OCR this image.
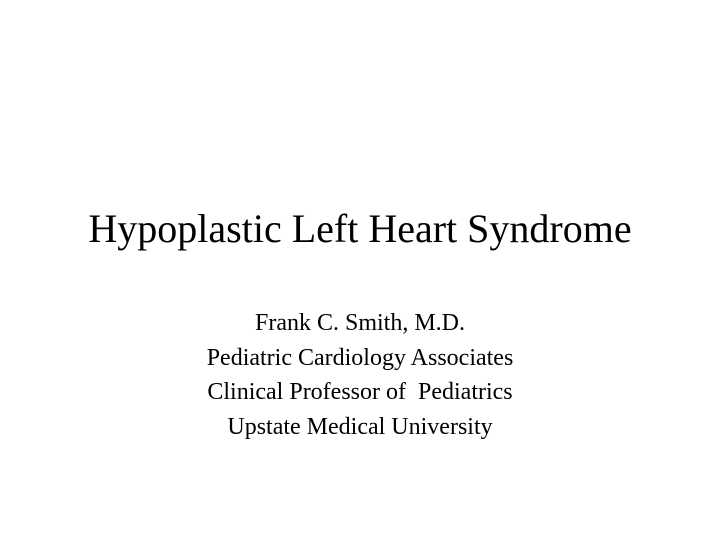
Hypoplastic Left Heart Syndrome
Frank C. Smith, M.D.
Pediatric Cardiology Associates
Clinical Professor of  Pediatrics
Upstate Medical University
